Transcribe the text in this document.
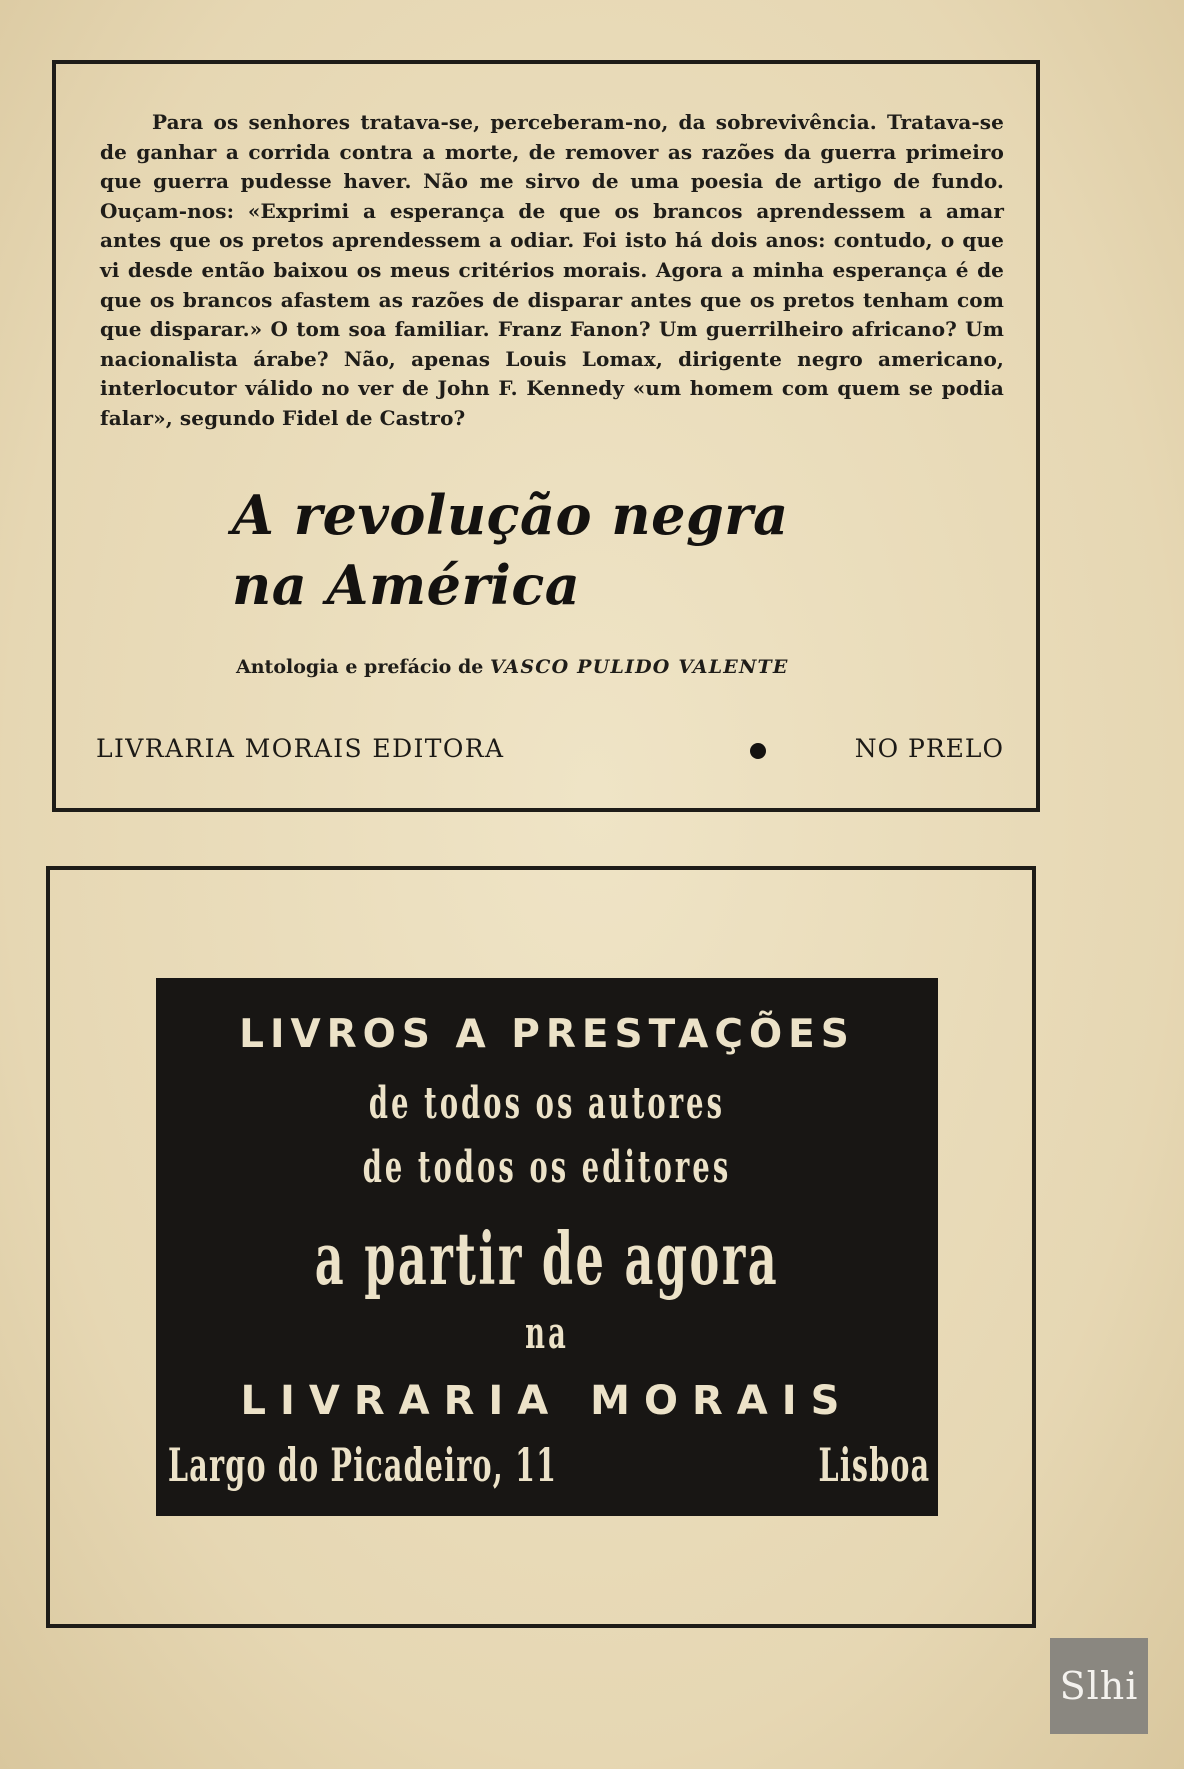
Para os senhores tratava-se, perceberam-no, da sobrevivência. Tratava-se de ganhar a corrida contra a morte, de remover as razões da guerra primeiro que guerra pudesse haver. Não me sirvo de uma poesia de artigo de fundo. Ouçam-nos: «Exprimi a esperança de que os brancos aprendessem a amar antes que os pretos aprendessem a odiar. Foi isto há dois anos: contudo, o que vi desde então baixou os meus critérios morais. Agora a minha esperança é de que os brancos afastem as razões de disparar antes que os pretos tenham com que disparar.» O tom soa familiar. Franz Fanon? Um guerrilheiro africano? Um nacionalista árabe? Não, apenas Louis Lomax, dirigente negro americano, interlocutor válido no ver de John F. Kennedy «um homem com quem se podia falar», segundo Fidel de Castro?

A revolução negra
na América
Antologia e prefácio de VASCO PULIDO VALENTE
LIVRARIA MORAIS EDITORA	NO PRELO
LIVROS A PRESTAÇÕES
de todos os autores
de todos os editores
a partir de agora
na
LIVRARIA MORAIS
Largo do Picadeiro, 11	Lisboa
Slhi
